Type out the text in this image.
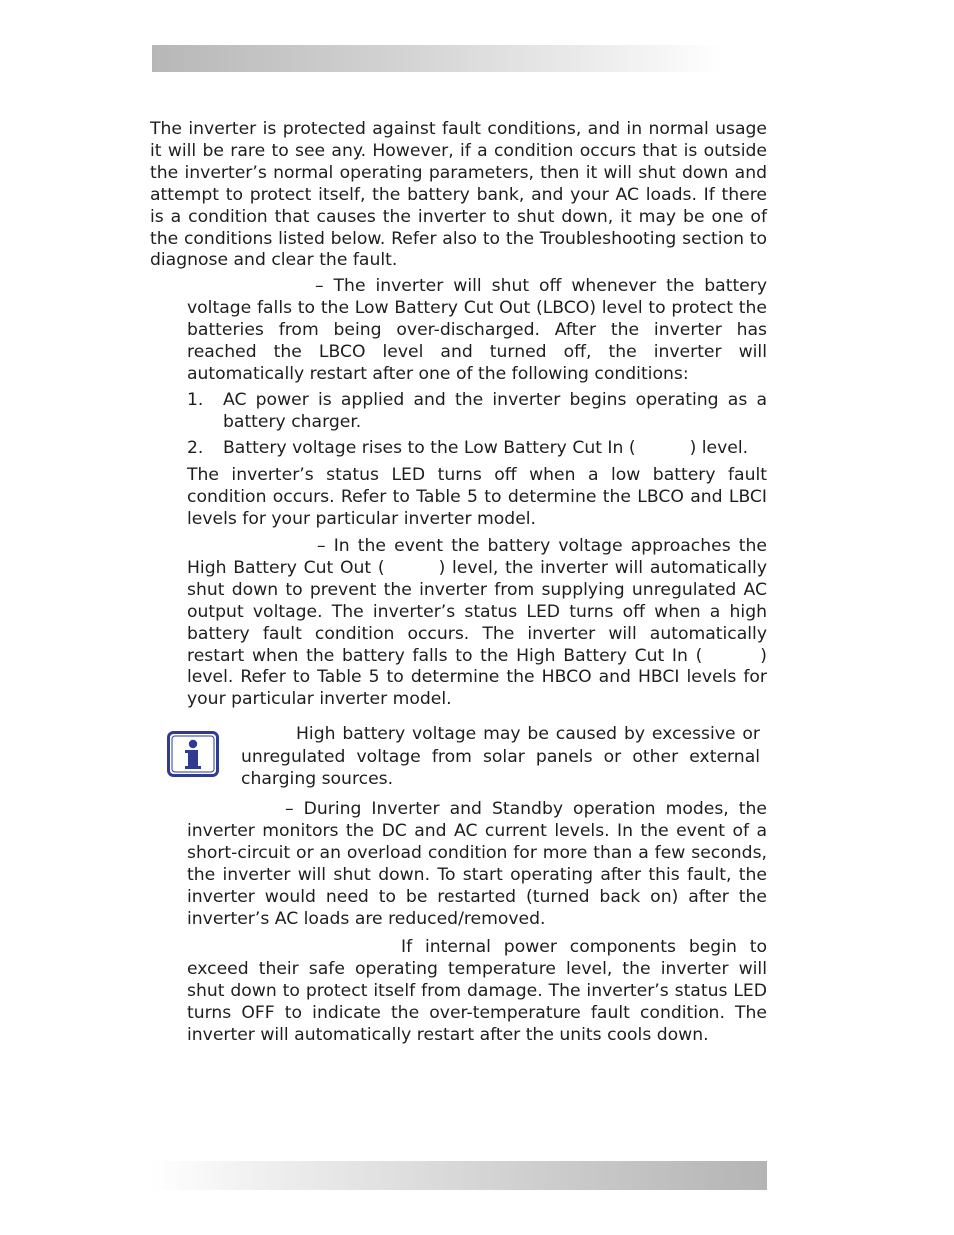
The inverter is protected against fault conditions, and in normal usage it will be rare to see any. However, if a condition occurs that is outside the inverter’s normal operating parameters, then it will shut down and attempt to protect itself, the battery bank, and your AC loads. If there is a condition that causes the inverter to shut down, it may be one of the conditions listed below. Refer also to the Troubleshooting section to diagnose and clear the fault.

– The inverter will shut off whenever the battery voltage falls to the Low Battery Cut Out (LBCO) level to protect the batteries from being over-discharged. After the inverter has reached the LBCO level and turned off, the inverter will automatically restart after one of the following conditions:

1. AC power is applied and the inverter begins operating as a battery charger.
2. Battery voltage rises to the Low Battery Cut In (	) level.

The inverter’s status LED turns off when a low battery fault condition occurs. Refer to Table 5 to determine the LBCO and LBCI levels for your particular inverter model.

– In the event the battery voltage approaches the High Battery Cut Out (	) level, the inverter will automatically shut down to prevent the inverter from supplying unregulated AC output voltage. The inverter’s status LED turns off when a high battery fault condition occurs. The inverter will automatically restart when the battery falls to the High Battery Cut In (	) level. Refer to Table 5 to determine the HBCO and HBCI levels for your particular inverter model.

High battery voltage may be caused by excessive or unregulated voltage from solar panels or other external charging sources.

– During Inverter and Standby operation modes, the inverter monitors the DC and AC current levels. In the event of a short-circuit or an overload condition for more than a few seconds, the inverter will shut down. To start operating after this fault, the inverter would need to be restarted (turned back on) after the inverter’s AC loads are reduced/removed.

If internal power components begin to exceed their safe operating temperature level, the inverter will shut down to protect itself from damage. The inverter’s status LED turns OFF to indicate the over-temperature fault condition. The inverter will automatically restart after the units cools down.
